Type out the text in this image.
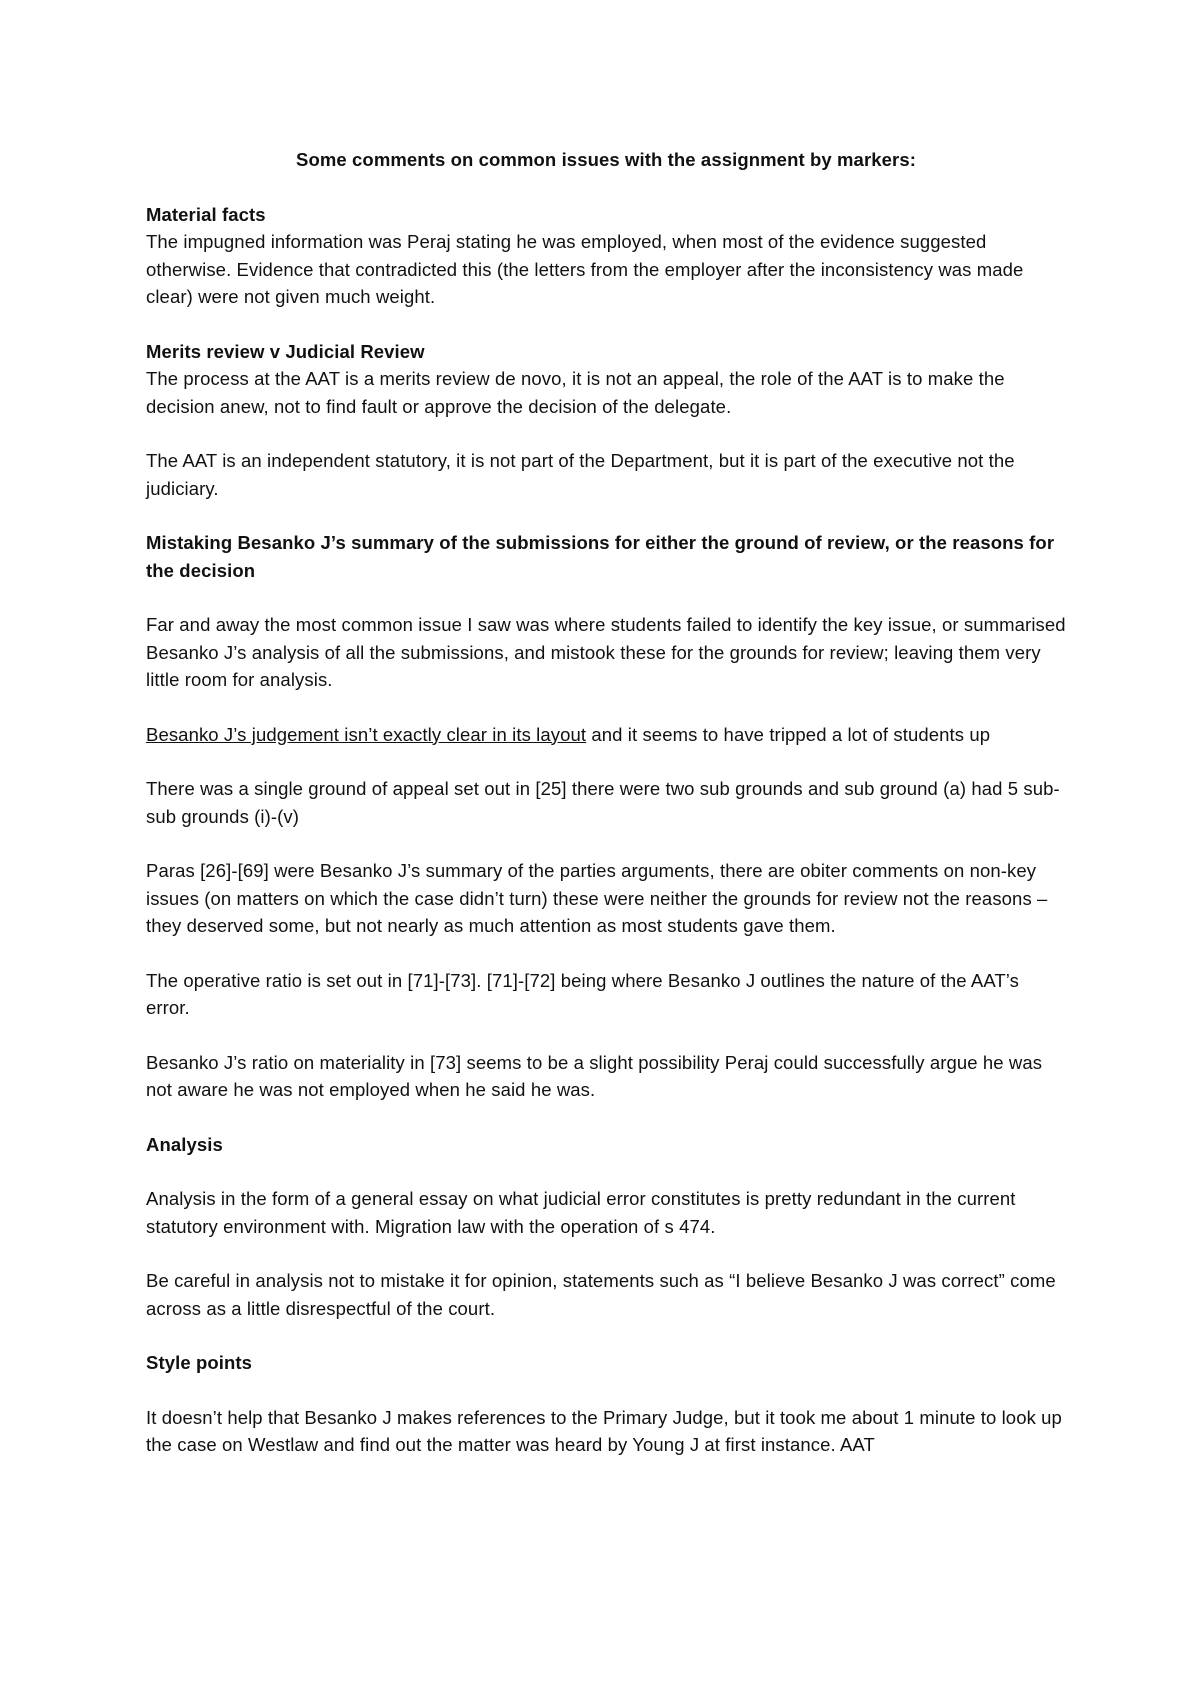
Some comments on common issues with the assignment by markers:
Material facts

The impugned information was Peraj stating he was employed, when most of the evidence suggested otherwise. Evidence that contradicted this (the letters from the employer after the inconsistency was made clear) were not given much weight.

Merits review v Judicial Review

The process at the AAT is a merits review de novo, it is not an appeal, the role of the AAT is to make the decision anew, not to find fault or approve the decision of the delegate.

The AAT is an independent statutory, it is not part of the Department, but it is part of the executive not the judiciary.

Mistaking Besanko J’s summary of the submissions for either the ground of review, or the reasons for the decision

Far and away the most common issue I saw was where students failed to identify the key issue, or summarised Besanko J’s analysis of all the submissions, and mistook these for the grounds for review; leaving them very little room for analysis.

Besanko J’s judgement isn’t exactly clear in its layout and it seems to have tripped a lot of students up

There was a single ground of appeal set out in [25] there were two sub grounds and sub ground (a) had 5 sub-sub grounds (i)-(v)

Paras [26]-[69] were Besanko J’s summary of the parties arguments, there are obiter comments on non-key issues (on matters on which the case didn’t turn) these were neither the grounds for review not the reasons – they deserved some, but not nearly as much attention as most students gave them.

The operative ratio is set out in [71]-[73]. [71]-[72] being where Besanko J outlines the nature of the AAT’s error.

Besanko J’s ratio on materiality in [73] seems to be a slight possibility Peraj could successfully argue he was not aware he was not employed when he said he was.

Analysis

Analysis in the form of a general essay on what judicial error constitutes is pretty redundant in the current statutory environment with. Migration law with the operation of s 474.

Be careful in analysis not to mistake it for opinion, statements such as “I believe Besanko J was correct” come across as a little disrespectful of the court.

Style points

It doesn’t help that Besanko J makes references to the Primary Judge, but it took me about 1 minute to look up the case on Westlaw and find out the matter was heard by Young J at first instance. AAT
